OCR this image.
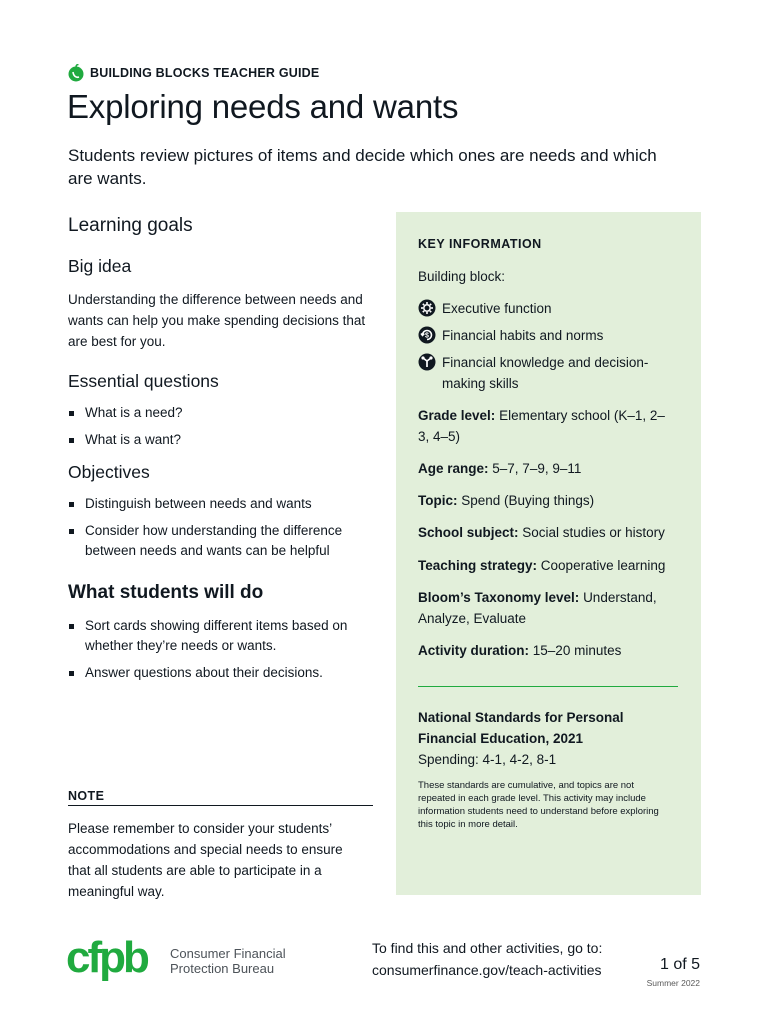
BUILDING BLOCKS TEACHER GUIDE
Exploring needs and wants

Students review pictures of items and decide which ones are needs and which are wants.

Learning goals
Big idea

Understanding the difference between needs and wants can help you make spending decisions that are best for you.

Essential questions
What is a need?
What is a want?
Objectives
Distinguish between needs and wants
Consider how understanding the difference between needs and wants can be helpful
What students will do
Sort cards showing different items based on whether they’re needs or wants.
Answer questions about their decisions.
NOTE

Please remember to consider your students’ accommodations and special needs to ensure that all students are able to participate in a meaningful way.

KEY INFORMATION
Building block:
Executive function
$ Financial habits and norms
Financial knowledge and decision-making skills
Grade level: Elementary school (K–1, 2–3, 4–5)
Age range: 5–7, 7–9, 9–11
Topic: Spend (Buying things)
School subject: Social studies or history
Teaching strategy: Cooperative learning
Bloom’s Taxonomy level: Understand, Analyze, Evaluate
Activity duration: 15–20 minutes
National Standards for Personal Financial Education, 2021
Spending: 4-1, 4-2, 8-1
These standards are cumulative, and topics are not repeated in each grade level. This activity may include information students need to understand before exploring this topic in more detail.
cfpb Consumer Financial
Protection Bureau
To find this and other activities, go to:
consumerfinance.gov/teach-activities	1 of 5
Summer 2022
